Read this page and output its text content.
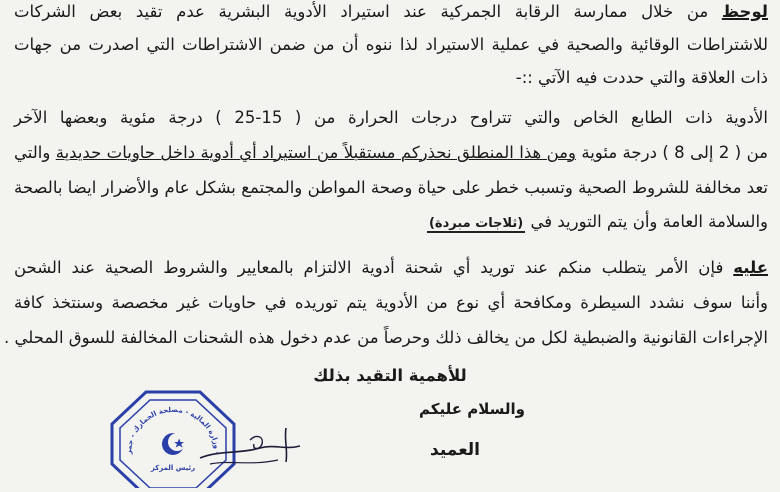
لوحظ من خلال ممارسة الرقابة الجمركية عند استيراد الأدوية البشرية عدم تقيد بعض الشركات
للاشتراطات الوقائية والصحية في عملية الاستيراد لذا ننوه أن من ضمن الاشتراطات التي اصدرت من جهات
ذات العلاقة والتي حددت فيه الآتي ::-
الأدوية ذات الطابع الخاص والتي تتراوح درجات الحرارة من ( 15-25 ) درجة مئوية وبعضها الآخر
من ( 2 إلى 8 ) درجة مئوية ومن هذا المنطلق نحذركم مستقبلاً من استيراد أي أدوية داخل حاويات حديدية والتي
تعد مخالفة للشروط الصحية وتسبب خطر على حياة وصحة المواطن والمجتمع بشكل عام والأضرار ايضا بالصحة
والسلامة العامة وأن يتم التوريد في (ثلاجات مبردة)
عليه فإن الأمر يتطلب منكم عند توريد أي شحنة أدوية الالتزام بالمعايير والشروط الصحية عند الشحن
وأننا سوف نشدد السيطرة ومكافحة أي نوع من الأدوية يتم توريده في حاويات غير مخصصة وسنتخذ كافة
الإجراءات القانونية والضبطية لكل من يخالف ذلك وحرصاً من عدم دخول هذه الشحنات المخالفة للسوق المحلي .
للأهمية التقيد بذلك
والسلام عليكم
العميد
- وزارة المالية - مصلحة الجمارك - جمر
رئيس المركز
